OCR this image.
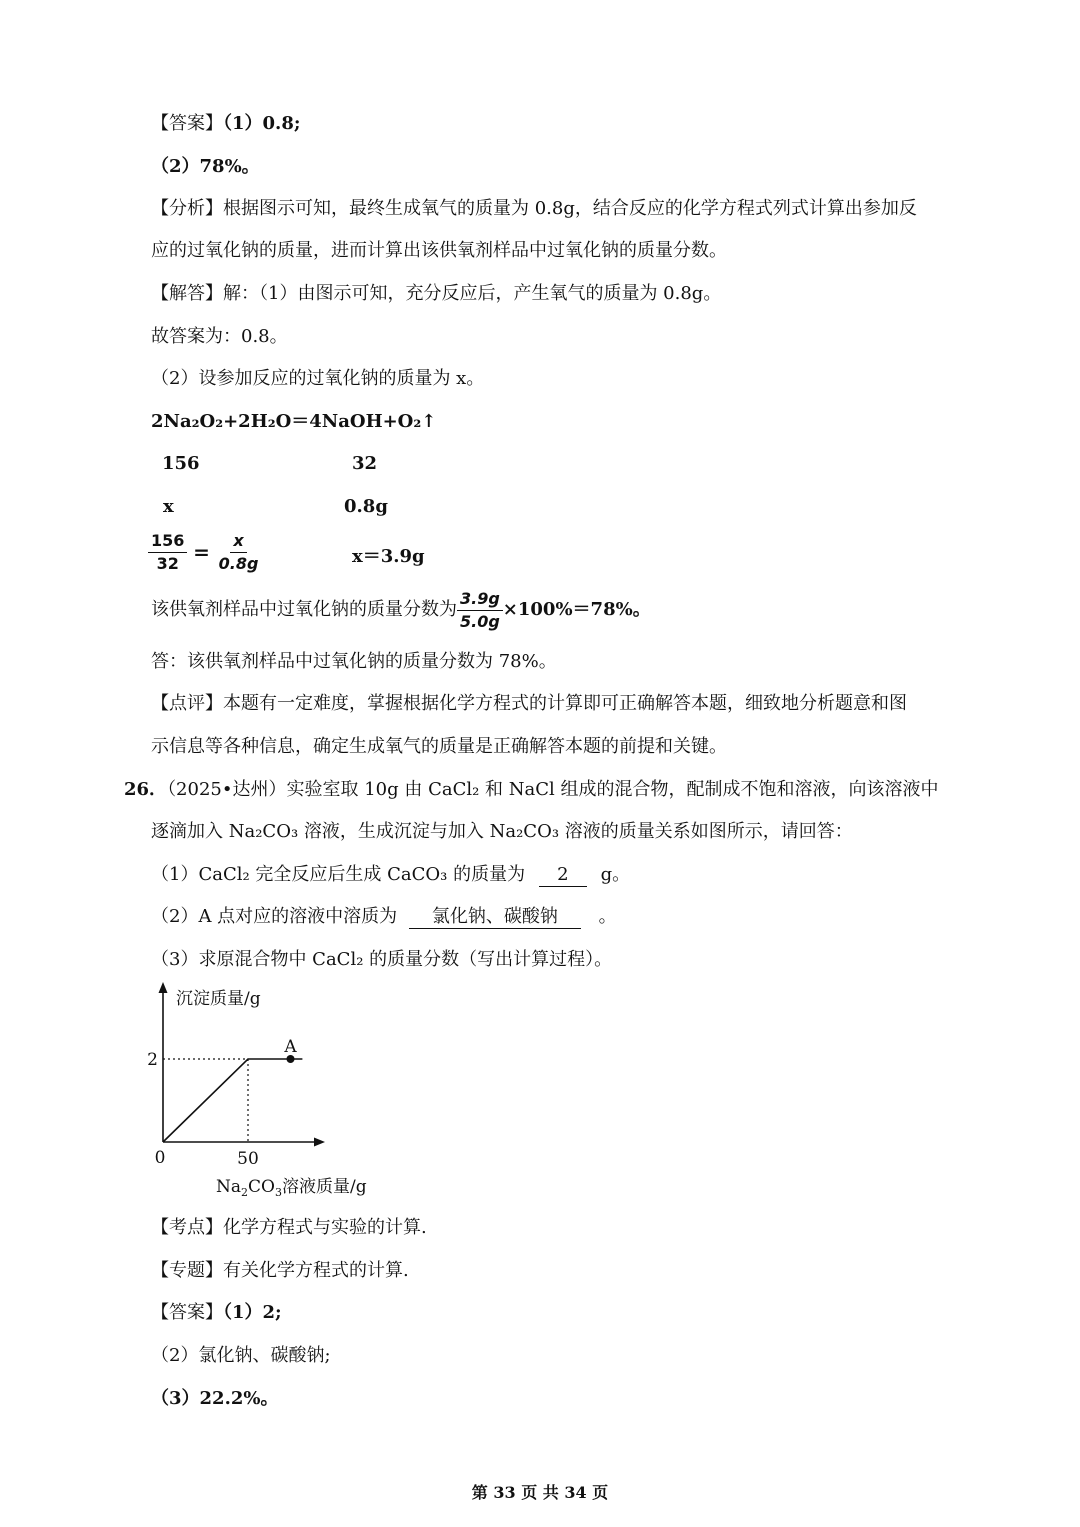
【答案】（1）0.8;
（2）78%。
【分析】根据图示可知，最终生成氧气的质量为 0.8g，结合反应的化学方程式列式计算出参加反
应的过氧化钠的质量，进而计算出该供氧剂样品中过氧化钠的质量分数。
【解答】解：（1）由图示可知，充分反应后，产生氧气的质量为 0.8g。
故答案为：0.8。
（2）设参加反应的过氧化钠的质量为 x。
2Na₂O₂+2H₂O＝4NaOH+O₂↑
156	32
x	0.8g
$\frac{156}{32} = \frac{x}{0.8g}$	x＝3.9g
该供氧剂样品中过氧化钠的质量分数为 $\frac{3.9g}{5.0g} \times 100\%=78\%$。
答：该供氧剂样品中过氧化钠的质量分数为 78%。
【点评】本题有一定难度，掌握根据化学方程式的计算即可正确解答本题，细致地分析题意和图
示信息等各种信息，确定生成氧气的质量是正确解答本题的前提和关键。
26．（2025•达州）实验室取 10g 由 CaCl₂ 和 NaCl 组成的混合物，配制成不饱和溶液，向该溶液中
逐滴加入 Na₂CO₃ 溶液，生成沉淀与加入 Na₂CO₃ 溶液的质量关系如图所示，请回答：
（1）CaCl₂ 完全反应后生成 CaCO₃ 的质量为 2 g。
（2）A 点对应的溶液中溶质为 氯化钠、碳酸钠 。
（3）求原混合物中 CaCl₂ 的质量分数（写出计算过程）。
沉淀质量/g
$Na_2CO_3$溶液质量/g
0
A
2
50
【考点】化学方程式与实验的计算.
【专题】有关化学方程式的计算.
【答案】（1）2;
（2）氯化钠、碳酸钠;
（3）22.2%。
第 33 页 共 34 页
